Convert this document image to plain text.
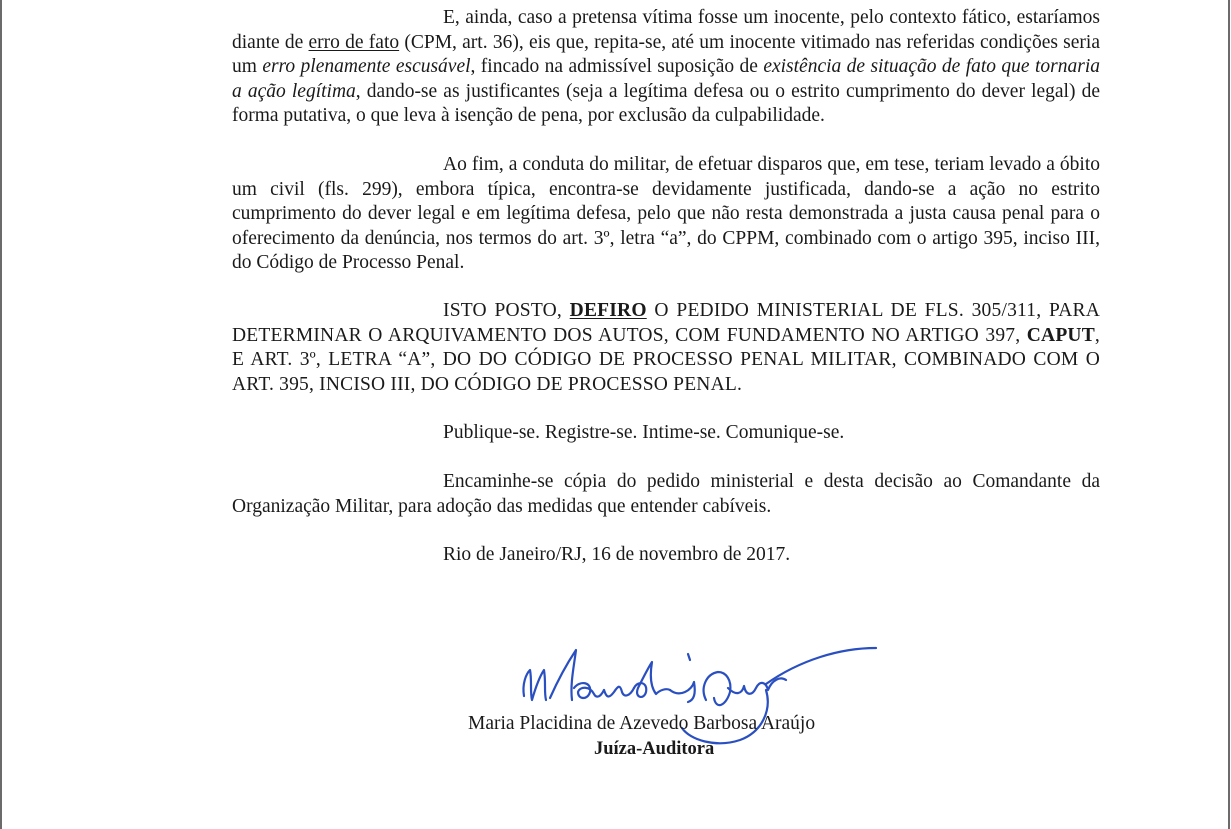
E, ainda, caso a pretensa vítima fosse um inocente, pelo contexto fático, estaríamos diante de erro de fato (CPM, art. 36), eis que, repita-se, até um inocente vitimado nas referidas condições seria um erro plenamente escusável, fincado na admissível suposição de existência de situação de fato que tornaria a ação legítima, dando-se as justificantes (seja a legítima defesa ou o estrito cumprimento do dever legal) de forma putativa, o que leva à isenção de pena, por exclusão da culpabilidade.

Ao fim, a conduta do militar, de efetuar disparos que, em tese, teriam levado a óbito um civil (fls. 299), embora típica, encontra-se devidamente justificada, dando-se a ação no estrito cumprimento do dever legal e em legítima defesa, pelo que não resta demonstrada a justa causa penal para o oferecimento da denúncia, nos termos do art. 3º, letra “a”, do CPPM, combinado com o artigo 395, inciso III, do Código de Processo Penal.

ISTO POSTO, DEFIRO O PEDIDO MINISTERIAL DE FLS. 305/311, PARA DETERMINAR O ARQUIVAMENTO DOS AUTOS, COM FUNDAMENTO NO ARTIGO 397, CAPUT, E ART. 3º, LETRA “A”, DO DO CÓDIGO DE PROCESSO PENAL MILITAR, COMBINADO COM O ART. 395, INCISO III, DO CÓDIGO DE PROCESSO PENAL.

Publique-se. Registre-se. Intime-se. Comunique-se.

Encaminhe-se cópia do pedido ministerial e desta decisão ao Comandante da Organização Militar, para adoção das medidas que entender cabíveis.

Rio de Janeiro/RJ, 16 de novembro de 2017.

Maria Placidina de Azevedo Barbosa Araújo
Juíza-Auditora
